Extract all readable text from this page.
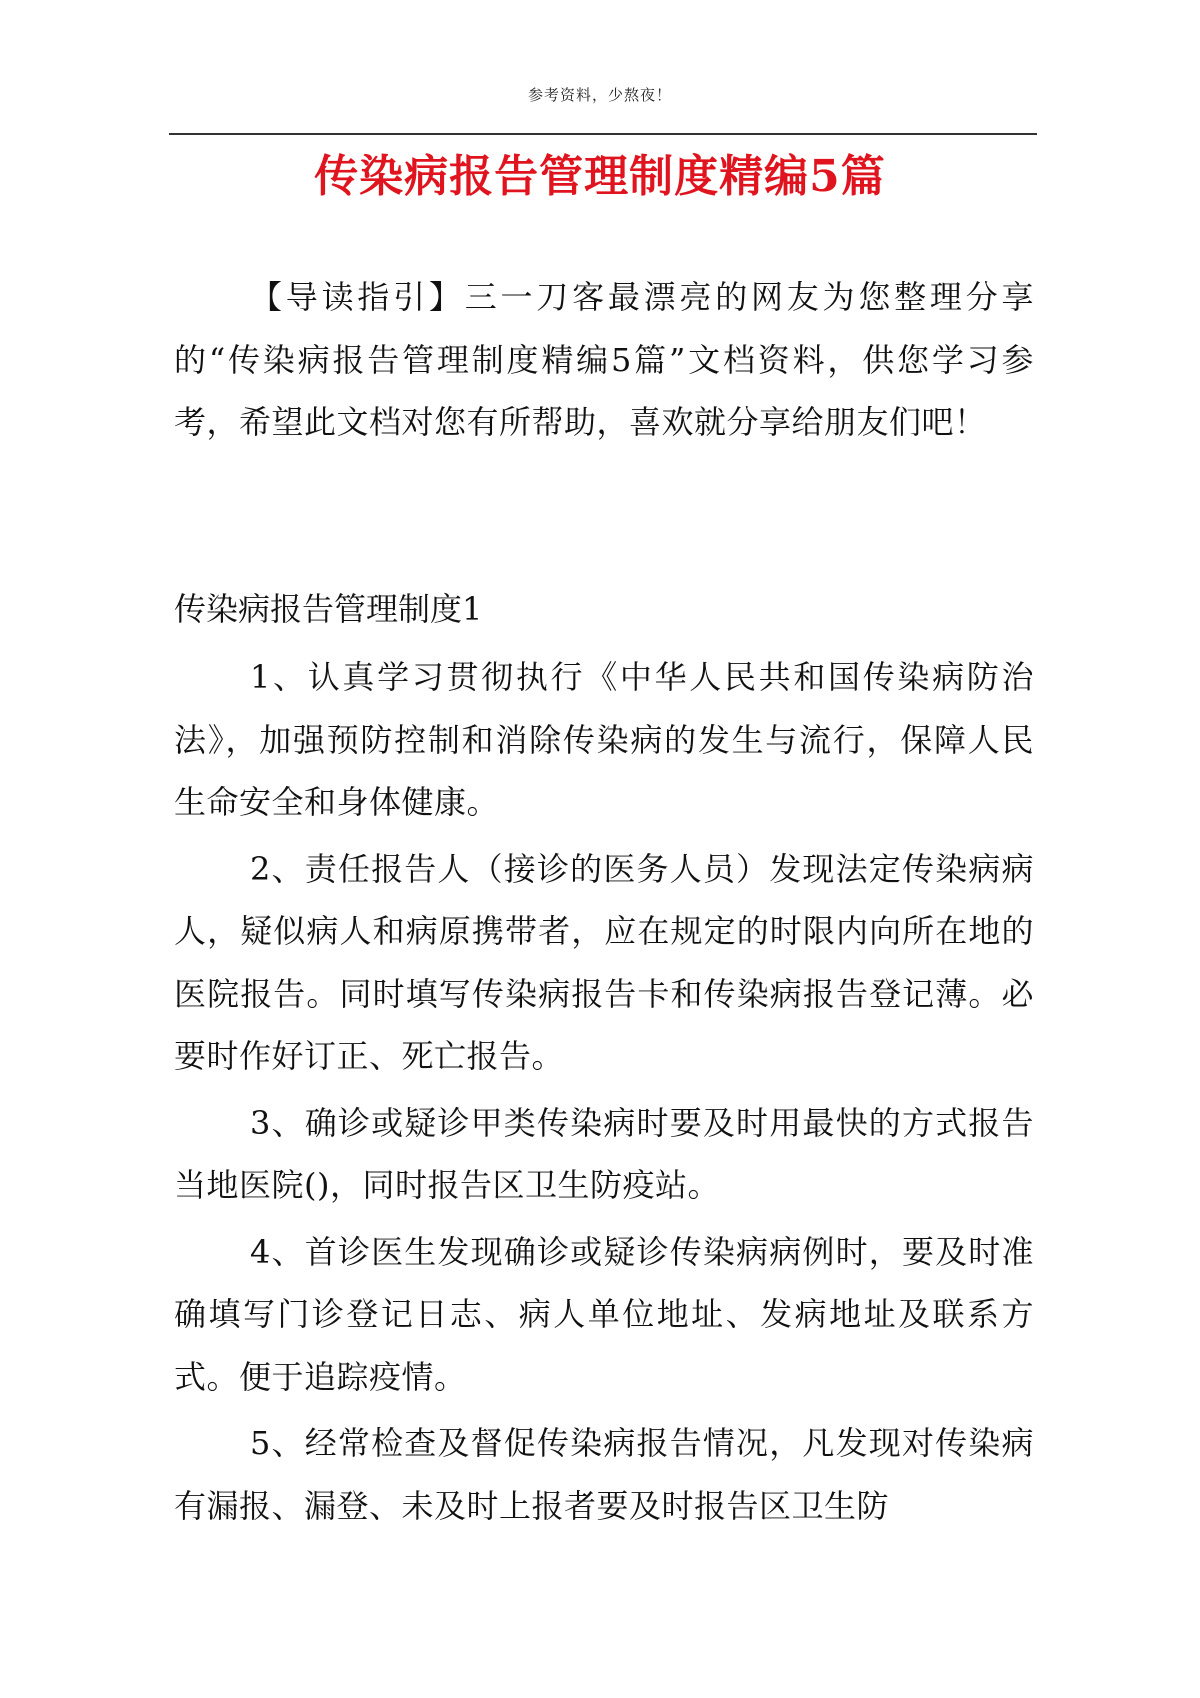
参考资料，少熬夜！
传染病报告管理制度精编5篇
【导读指引】三一刀客最漂亮的网友为您整理分享的“传染病报告管理制度精编5篇”文档资料，供您学习参考，希望此文档对您有所帮助，喜欢就分享给朋友们吧！
传染病报告管理制度1

1、认真学习贯彻执行《中华人民共和国传染病防治法》，加强预防控制和消除传染病的发生与流行，保障人民生命安全和身体健康。

2、责任报告人（接诊的医务人员）发现法定传染病病人，疑似病人和病原携带者，应在规定的时限内向所在地的医院报告。同时填写传染病报告卡和传染病报告登记薄。必要时作好订正、死亡报告。

3、确诊或疑诊甲类传染病时要及时用最快的方式报告当地医院()，同时报告区卫生防疫站。

4、首诊医生发现确诊或疑诊传染病病例时，要及时准确填写门诊登记日志、病人单位地址、发病地址及联系方式。便于追踪疫情。

5、经常检查及督促传染病报告情况，凡发现对传染病有漏报、漏登、未及时上报者要及时报告区卫生防
